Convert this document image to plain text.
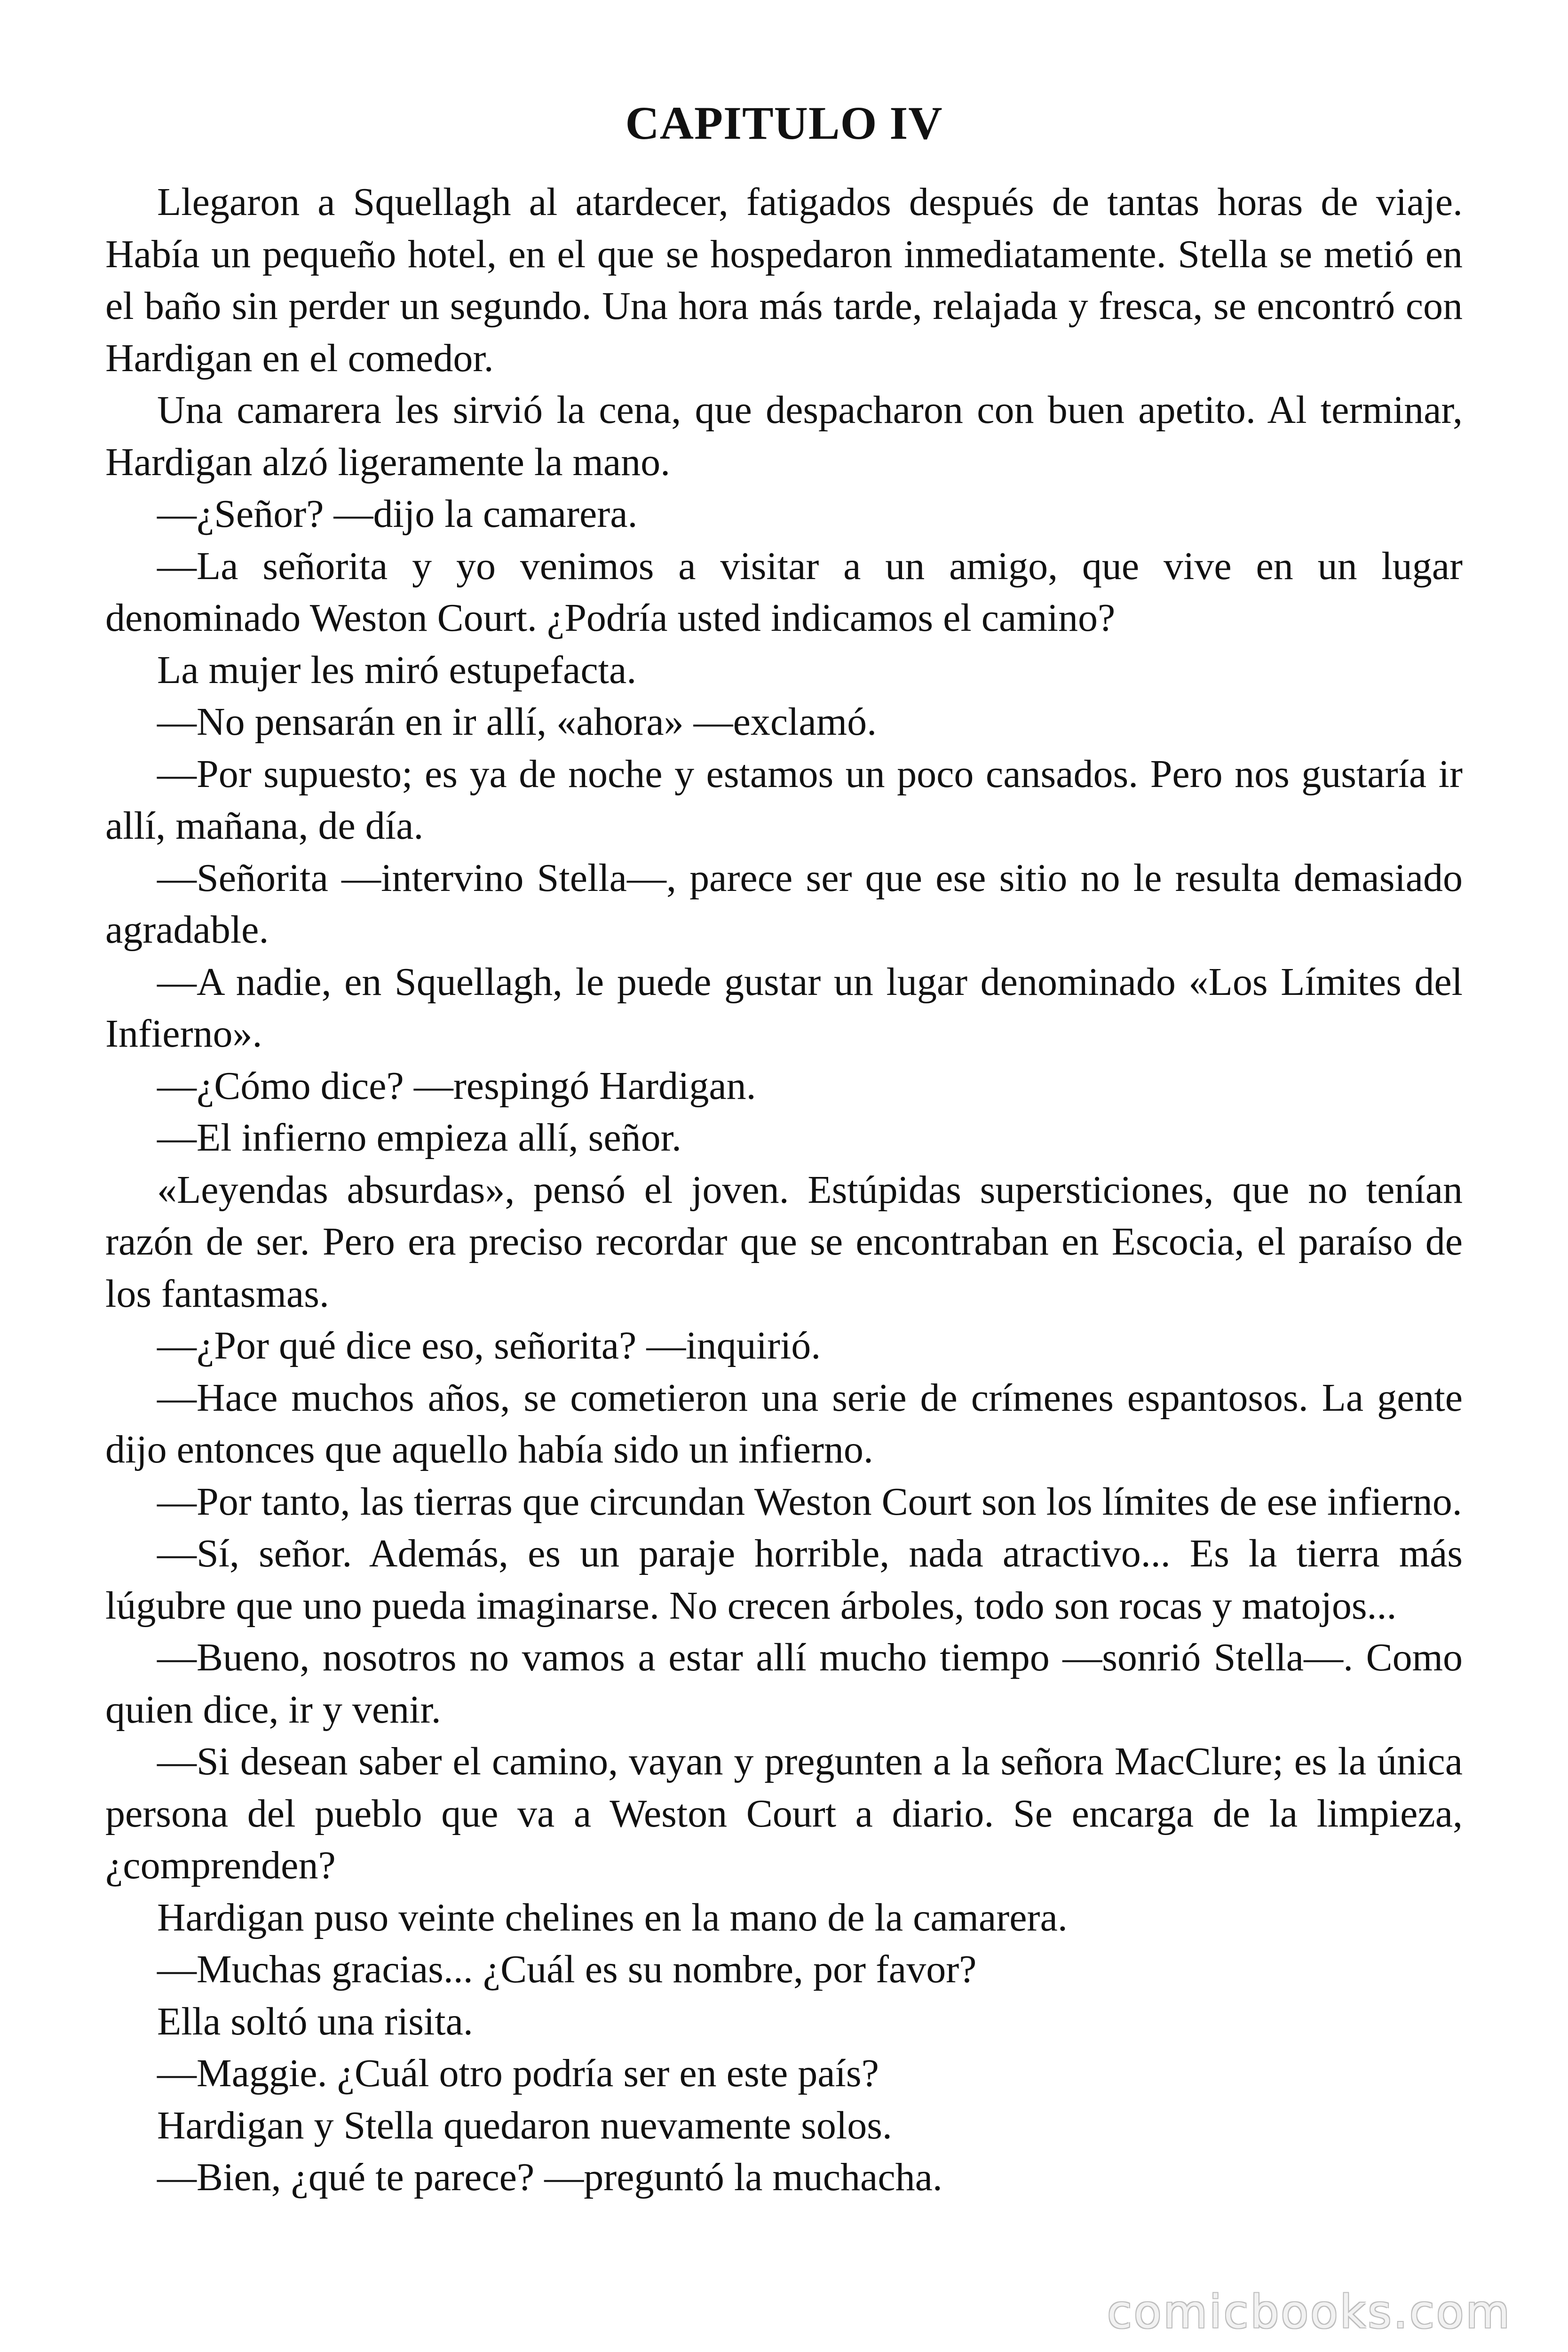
CAPITULO IV

Llegaron a Squellagh al atardecer, fatigados después de tantas horas de viaje. Había un pequeño hotel, en el que se hospedaron inmediatamente. Stella se metió en el baño sin perder un segundo. Una hora más tarde, relajada y fresca, se encontró con Hardigan en el comedor.

Una camarera les sirvió la cena, que despacharon con buen apetito. Al terminar, Hardigan alzó ligeramente la mano.

—¿Señor? —dijo la camarera.

—La señorita y yo venimos a visitar a un amigo, que vive en un lugar denominado Weston Court. ¿Podría usted indicamos el camino?

La mujer les miró estupefacta.

—No pensarán en ir allí, «ahora» —exclamó.

—Por supuesto; es ya de noche y estamos un poco cansados. Pero nos gustaría ir allí, mañana, de día.

—Señorita —intervino Stella—, parece ser que ese sitio no le resulta demasiado agradable.

—A nadie, en Squellagh, le puede gustar un lugar denominado «Los Límites del Infierno».

—¿Cómo dice? —respingó Hardigan.

—El infierno empieza allí, señor.

«Leyendas absurdas», pensó el joven. Estúpidas supersticiones, que no tenían razón de ser. Pero era preciso recordar que se encontraban en Escocia, el paraíso de los fantasmas.

—¿Por qué dice eso, señorita? —inquirió.

—Hace muchos años, se cometieron una serie de crímenes espantosos. La gente dijo entonces que aquello había sido un infierno.

—Por tanto, las tierras que circundan Weston Court son los límites de ese infierno.

—Sí, señor. Además, es un paraje horrible, nada atractivo... Es la tierra más lúgubre que uno pueda imaginarse. No crecen árboles, todo son rocas y matojos...

—Bueno, nosotros no vamos a estar allí mucho tiempo —sonrió Stella—. Como quien dice, ir y venir.

—Si desean saber el camino, vayan y pregunten a la señora MacClure; es la única persona del pueblo que va a Weston Court a diario. Se encarga de la limpieza, ¿comprenden?

Hardigan puso veinte chelines en la mano de la camarera.

—Muchas gracias... ¿Cuál es su nombre, por favor?

Ella soltó una risita.

—Maggie. ¿Cuál otro podría ser en este país?

Hardigan y Stella quedaron nuevamente solos.

—Bien, ¿qué te parece? —preguntó la muchacha.

comicbooks.com
